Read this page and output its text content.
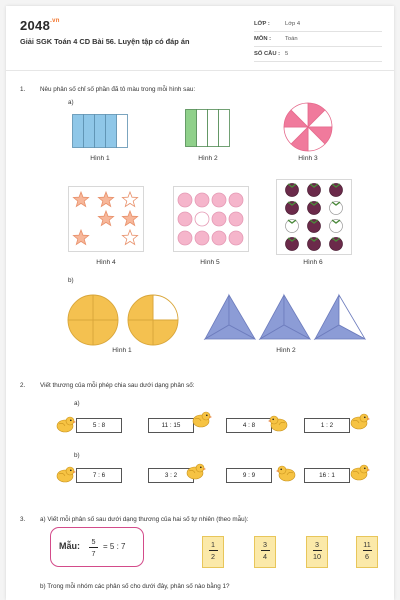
$2048^{.vn}$
Giải SGK Toán 4 CD Bài 56. Luyện tập có đáp án
LỚP :	Lớp 4
MÔN : Toán
SỐ CÂU : 5
1. Nêu phân số chỉ số phần đã tô màu trong mỗi hình sau:
a)
Hình 1	Hình 2	Hình 3
Hình 4	Hình 5	Hình 6
b)
Hình 1	Hình 2
2. Viết thương của mỗi phép chia sau dưới dạng phân số:
a)
b)
5 : 8	11 : 15	4 : 8	1 : 2
7 : 6	3 : 2	9 : 9	16 : 1
3. a) Viết mỗi phân số sau dưới dạng thương của hai số tự nhiên (theo mẫu):
Mẫu: 5
7
= 5 : 7	1
2
3
4
3
10
11
6
b) Trong mỗi nhóm các phân số cho dưới đây, phân số nào bằng 1?
